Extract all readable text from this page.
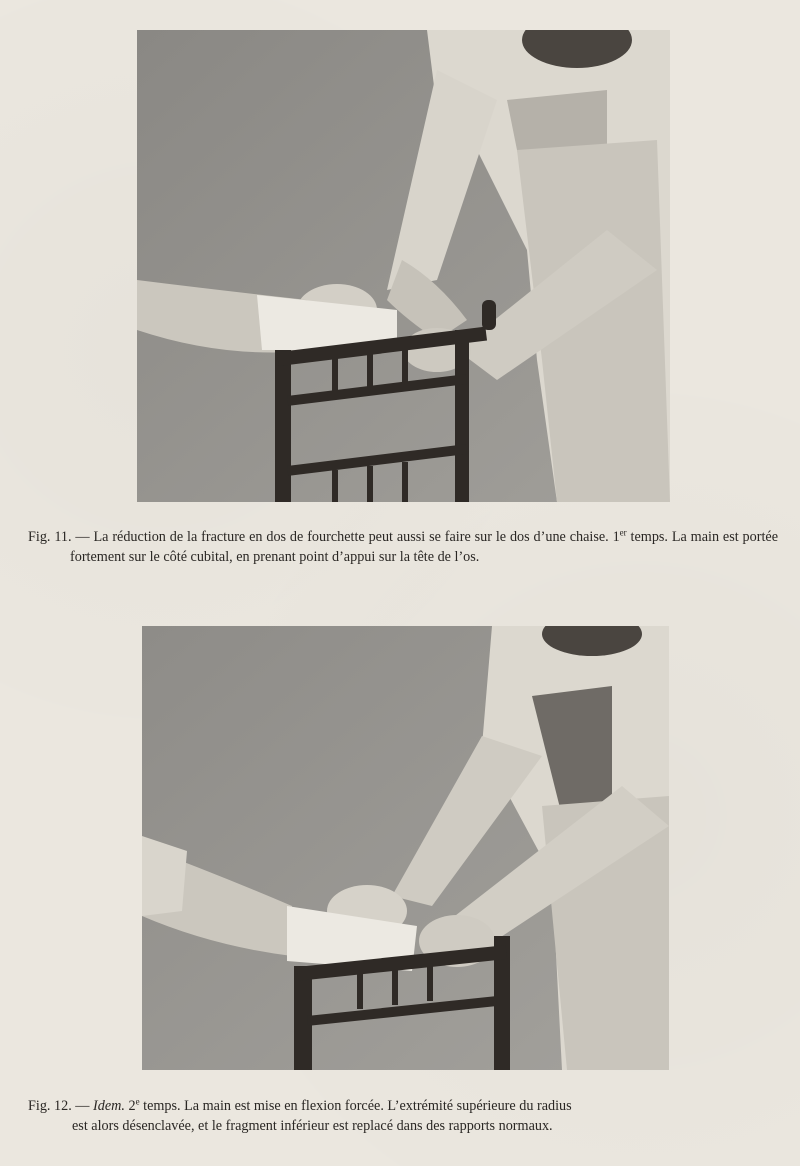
Fig. 11. — La réduction de la fracture en dos de fourchette peut aussi se faire sur le dos d’une chaise. 1er temps. La main est portée fortement sur le côté cubital, en prenant point d’appui sur la tête de l’os.

Fig. 12. — Idem. 2e temps. La main est mise en flexion forcée. L’extrémité supérieure du radius

est alors désenclavée, et le fragment inférieur est replacé dans des rapports normaux.
